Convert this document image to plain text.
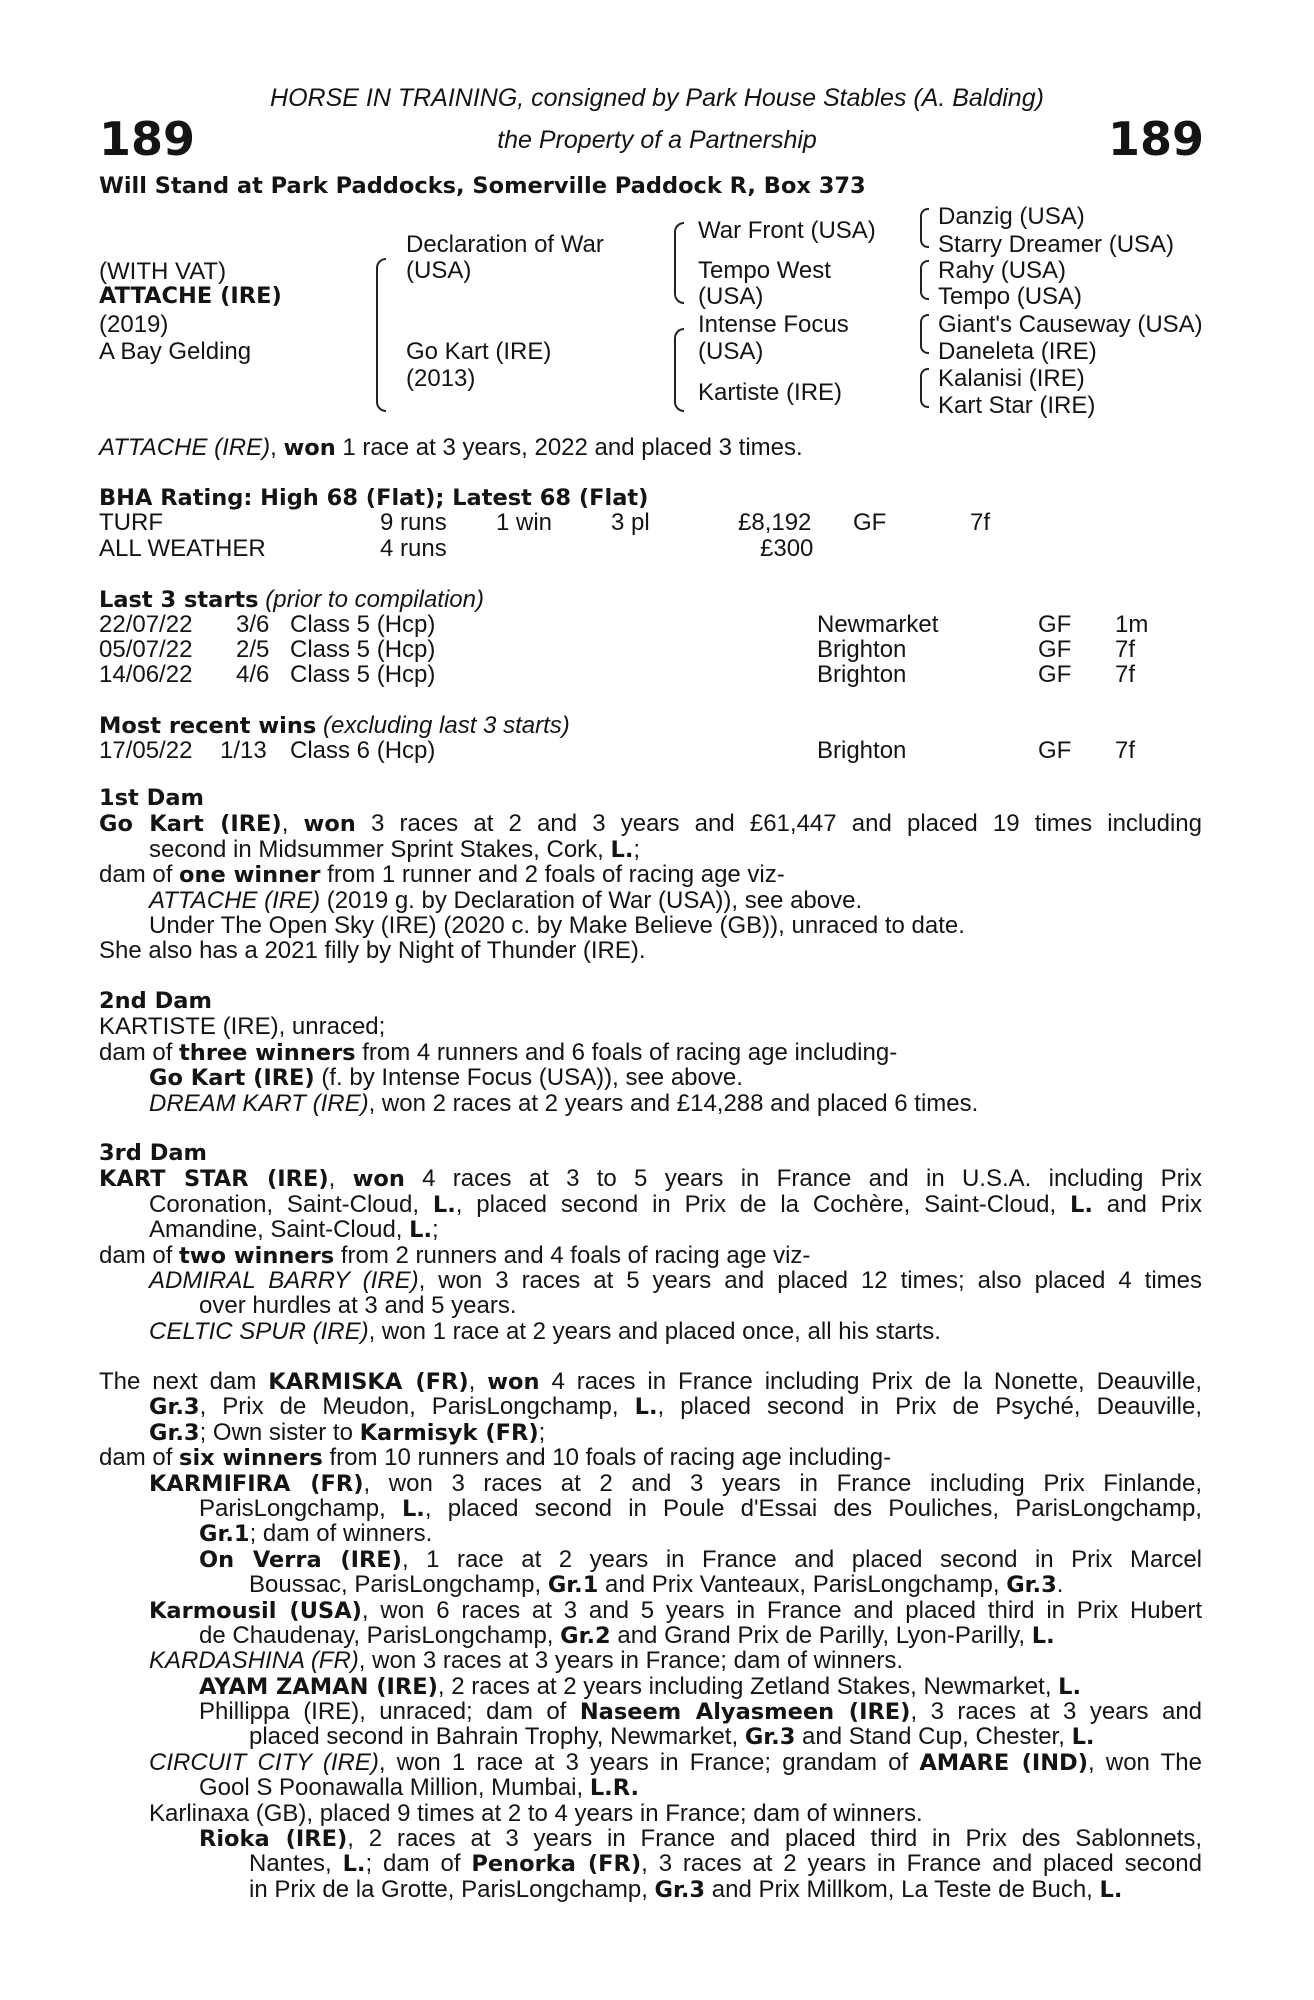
189	189
HORSE IN TRAINING, consigned by Park House Stables (A. Balding)
the Property of a Partnership
Will Stand at Park Paddocks, Somerville Paddock R, Box 373
(WITH VAT)
ATTACHE (IRE)
(2019)
A Bay Gelding
Declaration of War
(USA)
Go Kart (IRE)
(2013)
War Front (USA)
Tempo West
(USA)
Intense Focus
(USA)
Kartiste (IRE)
Danzig (USA)
Starry Dreamer (USA)
Rahy (USA)
Tempo (USA)
Giant's Causeway (USA)
Daneleta (IRE)
Kalanisi (IRE)
Kart Star (IRE)
ATTACHE (IRE), won 1 race at 3 years, 2022 and placed 3 times.
BHA Rating: High 68 (Flat); Latest 68 (Flat)
TURF	9 runs 1 win 3 pl	£8,192 GF	7f
ALL WEATHER	4 runs	£300
Last 3 starts (prior to compilation)
22/07/22 3/6 Class 5 (Hcp)	Newmarket	GF 1m
05/07/22 2/5 Class 5 (Hcp)	Brighton	GF 7f
14/06/22 4/6 Class 5 (Hcp)	Brighton	GF 7f
Most recent wins (excluding last 3 starts)
17/05/22 1/13 Class 6 (Hcp)	Brighton	GF 7f
1st Dam
Go Kart (IRE), won 3 races at 2 and 3 years and £61,447 and placed 19 times including
second in Midsummer Sprint Stakes, Cork, L.;
dam of one winner from 1 runner and 2 foals of racing age viz-
ATTACHE (IRE) (2019 g. by Declaration of War (USA)), see above.
Under The Open Sky (IRE) (2020 c. by Make Believe (GB)), unraced to date.
She also has a 2021 filly by Night of Thunder (IRE).
2nd Dam
KARTISTE (IRE), unraced;
dam of three winners from 4 runners and 6 foals of racing age including-
Go Kart (IRE) (f. by Intense Focus (USA)), see above.
DREAM KART (IRE), won 2 races at 2 years and £14,288 and placed 6 times.
3rd Dam
KART STAR (IRE), won 4 races at 3 to 5 years in France and in U.S.A. including Prix
Coronation, Saint-Cloud, L., placed second in Prix de la Cochère, Saint-Cloud, L. and Prix
Amandine, Saint-Cloud, L.;
dam of two winners from 2 runners and 4 foals of racing age viz-
ADMIRAL BARRY (IRE), won 3 races at 5 years and placed 12 times; also placed 4 times
over hurdles at 3 and 5 years.
CELTIC SPUR (IRE), won 1 race at 2 years and placed once, all his starts.
The next dam KARMISKA (FR), won 4 races in France including Prix de la Nonette, Deauville,
Gr.3, Prix de Meudon, ParisLongchamp, L., placed second in Prix de Psyché, Deauville,
Gr.3; Own sister to Karmisyk (FR);
dam of six winners from 10 runners and 10 foals of racing age including-
KARMIFIRA (FR), won 3 races at 2 and 3 years in France including Prix Finlande,
ParisLongchamp, L., placed second in Poule d'Essai des Pouliches, ParisLongchamp,
Gr.1; dam of winners.
On Verra (IRE), 1 race at 2 years in France and placed second in Prix Marcel
Boussac, ParisLongchamp, Gr.1 and Prix Vanteaux, ParisLongchamp, Gr.3.
Karmousil (USA), won 6 races at 3 and 5 years in France and placed third in Prix Hubert
de Chaudenay, ParisLongchamp, Gr.2 and Grand Prix de Parilly, Lyon-Parilly, L.
KARDASHINA (FR), won 3 races at 3 years in France; dam of winners.
AYAM ZAMAN (IRE), 2 races at 2 years including Zetland Stakes, Newmarket, L.
Phillippa (IRE), unraced; dam of Naseem Alyasmeen (IRE), 3 races at 3 years and
placed second in Bahrain Trophy, Newmarket, Gr.3 and Stand Cup, Chester, L.
CIRCUIT CITY (IRE), won 1 race at 3 years in France; grandam of AMARE (IND), won The
Gool S Poonawalla Million, Mumbai, L.R.
Karlinaxa (GB), placed 9 times at 2 to 4 years in France; dam of winners.
Rioka (IRE), 2 races at 3 years in France and placed third in Prix des Sablonnets,
Nantes, L.; dam of Penorka (FR), 3 races at 2 years in France and placed second
in Prix de la Grotte, ParisLongchamp, Gr.3 and Prix Millkom, La Teste de Buch, L.
